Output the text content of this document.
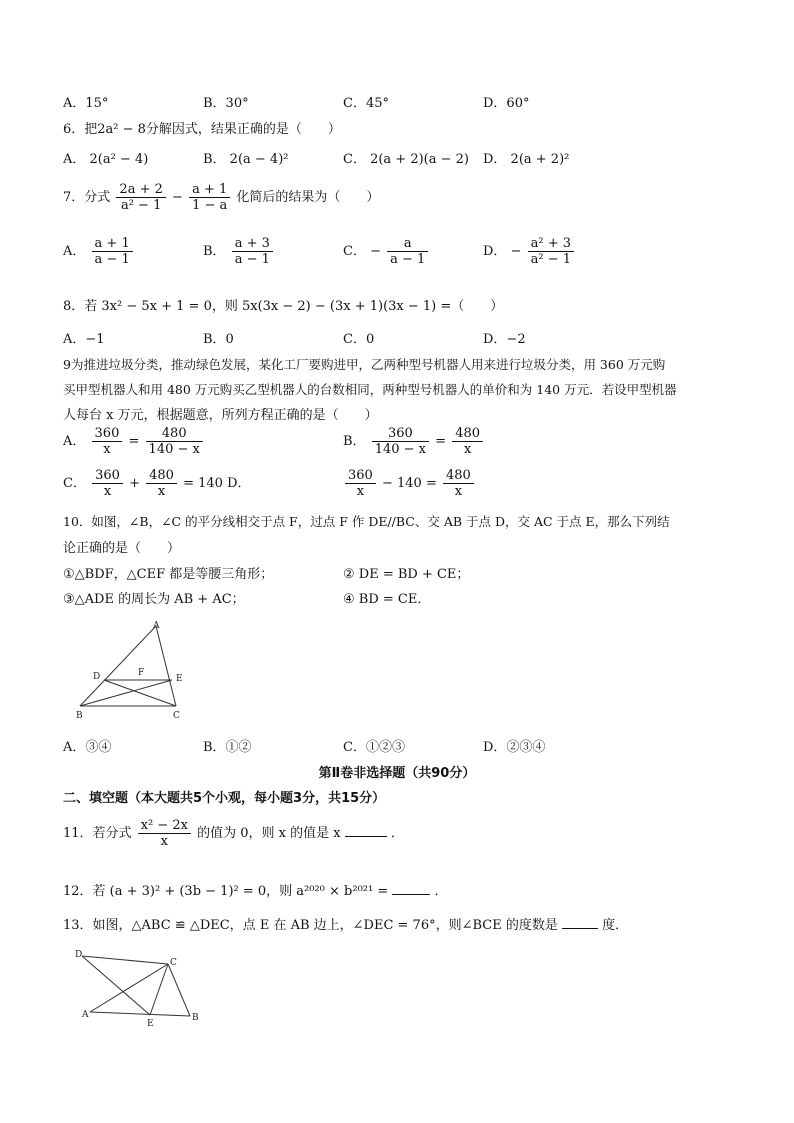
A．15°	B．30°	C．45°	D．60°
6．把2a² − 8分解因式，结果正确的是（　　）
A． 2(a² − 4)	B． 2(a − 4)²	C． 2(a + 2)(a − 2) D． 2(a + 2)²
7．分式 $\frac{2a + 2}{\text{a² − 1}} - \frac{a + 1}{1 - a}$ 化简后的结果为（　　）
A． $\frac{a + 1}{a - 1}$	B． $\frac{a + 3}{a - 1}$	C． − $\frac{a}{a - 1}$	D． − $\frac{\text{a² + 3}}{\text{a² − 1}}$
8．若 3x² − 5x + 1 = 0，则 5x(3x − 2) − (3x + 1)(3x − 1) =（　　）
A．−1	B．0	C．0	D．−2
9为推进垃圾分类，推动绿色发展，某化工厂要购进甲，乙两种型号机器人用来进行垃圾分类，用 360 万元购
买甲型机器人和用 480 万元购买乙型机器人的台数相同，两种型号机器人的单价和为 140 万元．若设甲型机器
人每台 x 万元，根据题意，所列方程正确的是（　　）
A． $\frac{360}{x} = \frac{480}{140 - x}$	B． $\frac{360}{140 - x} = \frac{480}{x}$
C． $\frac{360}{x} + \frac{480}{x} = 140$ D．	$\frac{360}{x} - 140 = \frac{480}{x}$
10．如图，∠B，∠C 的平分线相交于点 F，过点 F 作 DE//BC、交 AB 于点 D，交 AC 于点 E，那么下列结
论正确的是（　　）
①△BDF，△CEF 都是等腰三角形；	② DE = BD + CE；
③△ADE 的周长为 AB + AC；	④ BD = CE．
A
D	F
E
B	C
A．③④	B．①②	C．①②③	D．②③④
第Ⅱ卷非选择题（共90分）
二、填空题（本大题共5个小观，每小题3分，共15分）
11．若分式 $\frac{\text{x² − 2x}}{x}$ 的值为 0，则 x 的值是 x	．
12．若 (a + 3)² + (3b − 1)² = 0，则 a²⁰²⁰ × b²⁰²¹ =	．
13．如图，△ABC ≌ △DEC，点 E 在 AB 边上，∠DEC = 76°，则∠BCE 的度数是	度．
D
C
A
E
B
